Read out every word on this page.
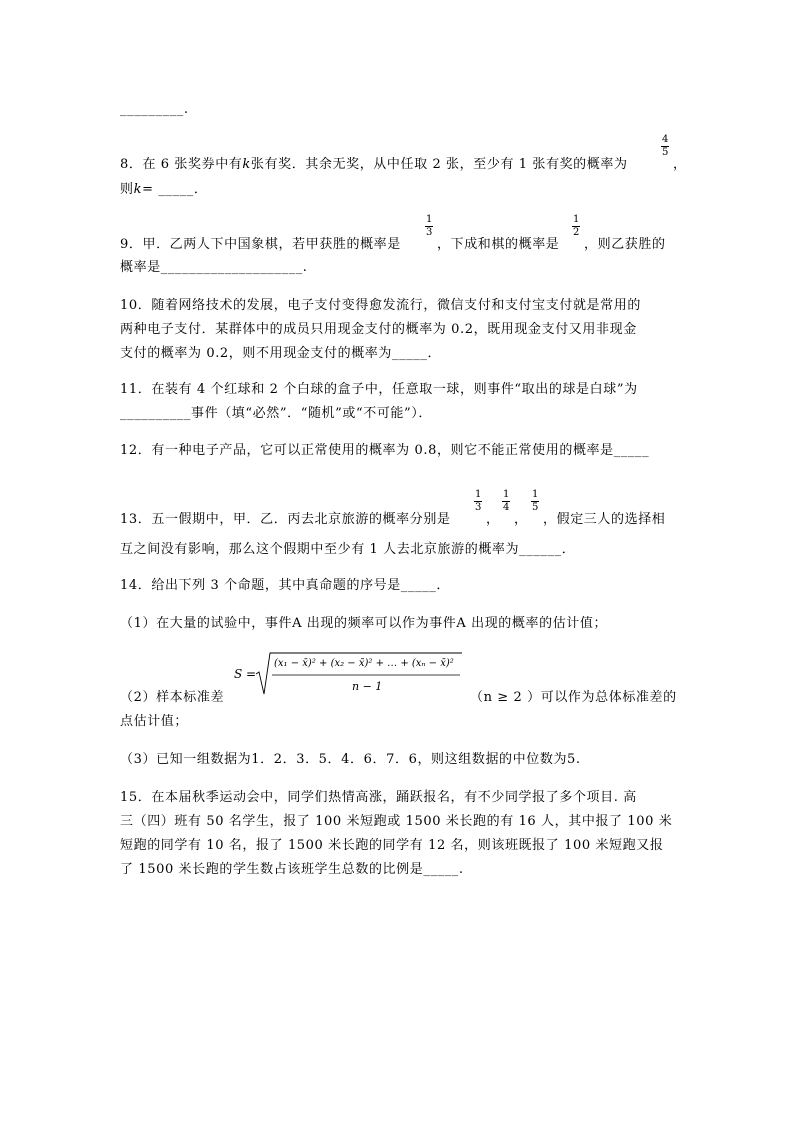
_________.
8．在 6 张奖券中有k张有奖．其余无奖，从中任取 2 张，至少有 1 张有奖的概率为
$\frac{4}{5}$
，
则k= _____．
9．甲．乙两人下中国象棋，若甲获胜的概率是
$\frac{1}{3}$
，下成和棋的概率是
$\frac{1}{2}$
，则乙获胜的
概率是____________________.
10．随着网络技术的发展，电子支付变得愈发流行，微信支付和支付宝支付就是常用的
两种电子支付．某群体中的成员只用现金支付的概率为 0.2，既用现金支付又用非现金
支付的概率为 0.2，则不用现金支付的概率为_____．
11．在装有 4 个红球和 2 个白球的盒子中，任意取一球，则事件“取出的球是白球”为
__________事件（填“必然”．“随机”或“不可能”）．
12．有一种电子产品，它可以正常使用的概率为 0.8，则它不能正常使用的概率是_____
13．五一假期中，甲．乙．丙去北京旅游的概率分别是
$\frac{1}{3}$
，
$\frac{1}{4}$
，
$\frac{1}{5}$
，假定三人的选择相
互之间没有影响，那么这个假期中至少有 1 人去北京旅游的概率为______．
14．给出下列 3 个命题，其中真命题的序号是_____．
（1）在大量的试验中，事件A 出现的频率可以作为事件A 出现的概率的估计值；
（2）样本标准差
S =
(x₁ − x̄)² + (x₂ − x̄)² + … + (xₙ − x̄)²
n − 1
（n ≥ 2 ）可以作为总体标准差的
点估计值；
（3）已知一组数据为1．2．3．5．4．6．7．6，则这组数据的中位数为5.
15．在本届秋季运动会中，同学们热情高涨，踊跃报名，有不少同学报了多个项目. 高
三（四）班有 50 名学生，报了 100 米短跑或 1500 米长跑的有 16 人，其中报了 100 米
短跑的同学有 10 名，报了 1500 米长跑的同学有 12 名，则该班既报了 100 米短跑又报
了 1500 米长跑的学生数占该班学生总数的比例是_____.
